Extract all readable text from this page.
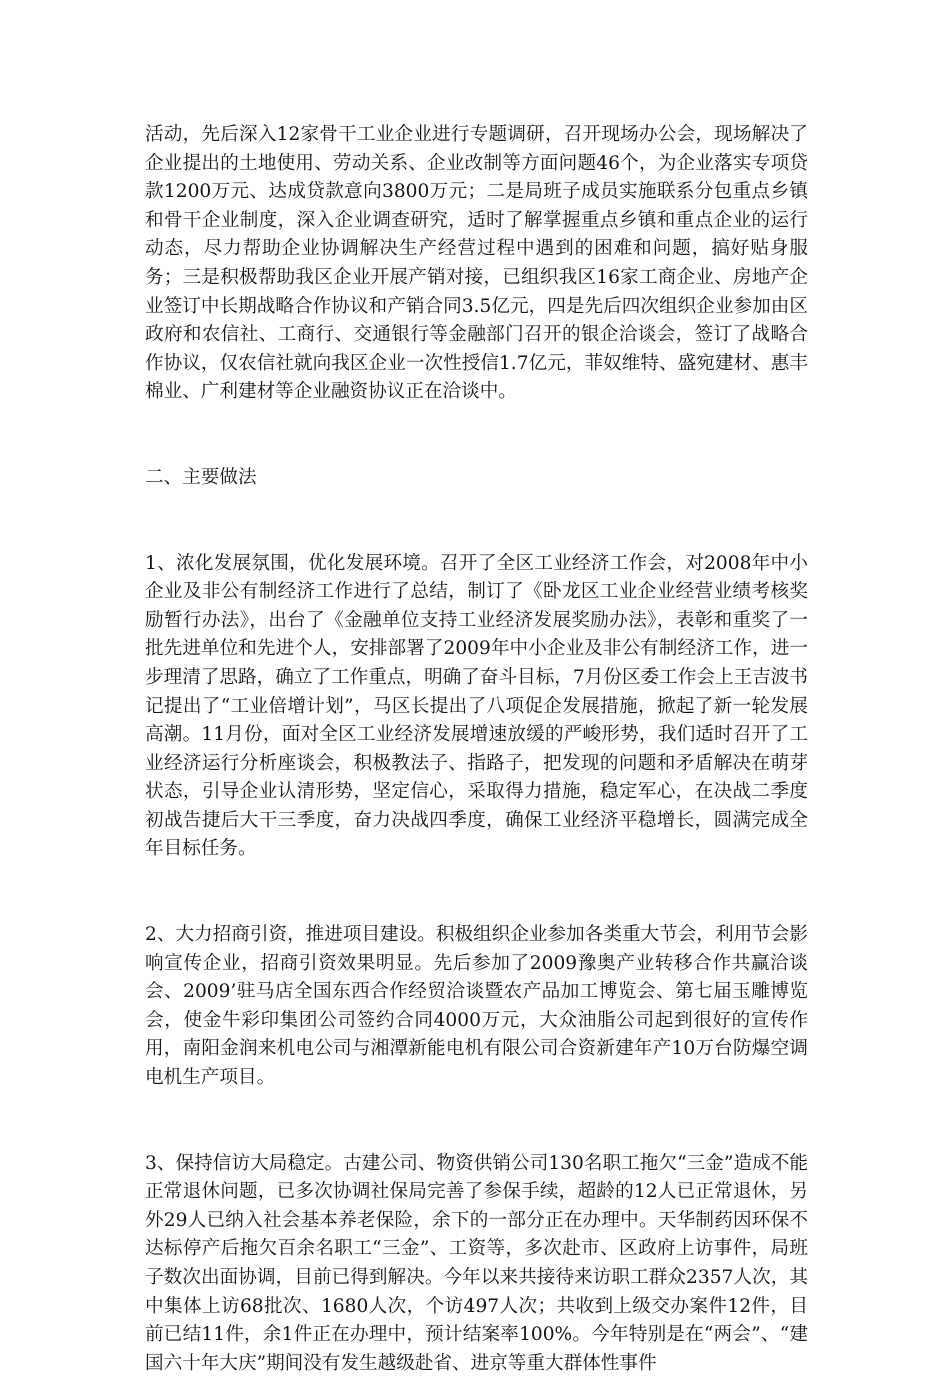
活动，先后深入12家骨干工业企业进行专题调研，召开现场办公会，现场解决了企业提出的土地使用、劳动关系、企业改制等方面问题46个，为企业落实专项贷款1200万元、达成贷款意向3800万元；二是局班子成员实施联系分包重点乡镇和骨干企业制度，深入企业调查研究，适时了解掌握重点乡镇和重点企业的运行动态，尽力帮助企业协调解决生产经营过程中遇到的困难和问题，搞好贴身服务；三是积极帮助我区企业开展产销对接，已组织我区16家工商企业、房地产企业签订中长期战略合作协议和产销合同3.5亿元，四是先后四次组织企业参加由区政府和农信社、工商行、交通银行等金融部门召开的银企洽谈会，签订了战略合作协议，仅农信社就向我区企业一次性授信1.7亿元，菲奴维特、盛宛建材、惠丰棉业、广利建材等企业融资协议正在洽谈中。

二、主要做法

1、浓化发展氛围，优化发展环境。召开了全区工业经济工作会，对2008年中小企业及非公有制经济工作进行了总结，制订了《卧龙区工业企业经营业绩考核奖励暂行办法》，出台了《金融单位支持工业经济发展奖励办法》，表彰和重奖了一批先进单位和先进个人，安排部署了2009年中小企业及非公有制经济工作，进一步理清了思路，确立了工作重点，明确了奋斗目标，7月份区委工作会上王吉波书记提出了“工业倍增计划”，马区长提出了八项促企发展措施，掀起了新一轮发展高潮。11月份，面对全区工业经济发展增速放缓的严峻形势，我们适时召开了工业经济运行分析座谈会，积极教法子、指路子，把发现的问题和矛盾解决在萌芽状态，引导企业认清形势，坚定信心，采取得力措施，稳定军心，在决战二季度初战告捷后大干三季度，奋力决战四季度，确保工业经济平稳增长，圆满完成全年目标任务。

2、大力招商引资，推进项目建设。积极组织企业参加各类重大节会，利用节会影响宣传企业，招商引资效果明显。先后参加了2009豫奥产业转移合作共赢洽谈会、2009’驻马店全国东西合作经贸洽谈暨农产品加工博览会、第七届玉雕博览会，使金牛彩印集团公司签约合同4000万元，大众油脂公司起到很好的宣传作用，南阳金润来机电公司与湘潭新能电机有限公司合资新建年产10万台防爆空调电机生产项目。

3、保持信访大局稳定。古建公司、物资供销公司130名职工拖欠“三金”造成不能正常退休问题，已多次协调社保局完善了参保手续，超龄的12人已正常退休，另外29人已纳入社会基本养老保险，余下的一部分正在办理中。天华制药因环保不达标停产后拖欠百余名职工“三金”、工资等，多次赴市、区政府上访事件，局班子数次出面协调，目前已得到解决。今年以来共接待来访职工群众2357人次，其中集体上访68批次、1680人次，个访497人次；共收到上级交办案件12件，目前已结11件，余1件正在办理中，预计结案率100%。今年特别是在“两会”、“建国六十年大庆”期间没有发生越级赴省、进京等重大群体性事件
